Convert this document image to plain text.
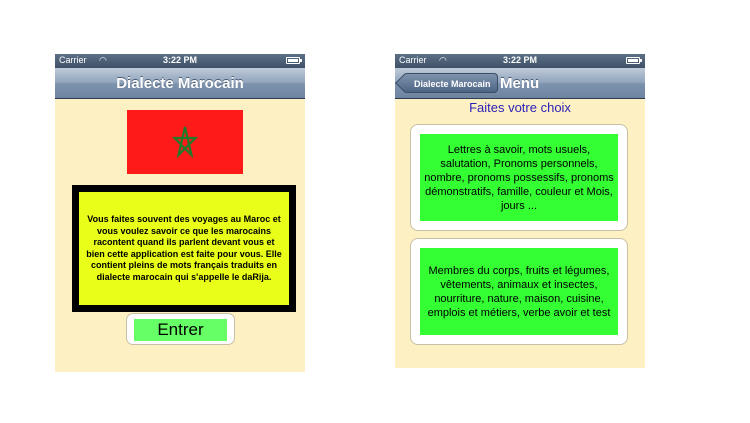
Carrier ◠	3:22 PM
Dialecte Marocain

Vous faites souvent des voyages au Maroc et vous voulez savoir ce que les marocains racontent quand ils parlent devant vous et bien cette application est faite pour vous. Elle contient pleins de mots français traduits en dialecte marocain qui s'appelle le daRija.

Entrer
Carrier ◠	3:22 PM
Dialecte Marocain Menu
Faites votre choix

Lettres à savoir, mots usuels, salutation, Pronoms personnels, nombre, pronoms possessifs, pronoms démonstratifs, famille, couleur et Mois, jours ...

Membres du corps, fruits et légumes, vêtements, animaux et insectes, nourriture, nature, maison, cuisine, emplois et métiers, verbe avoir et test
